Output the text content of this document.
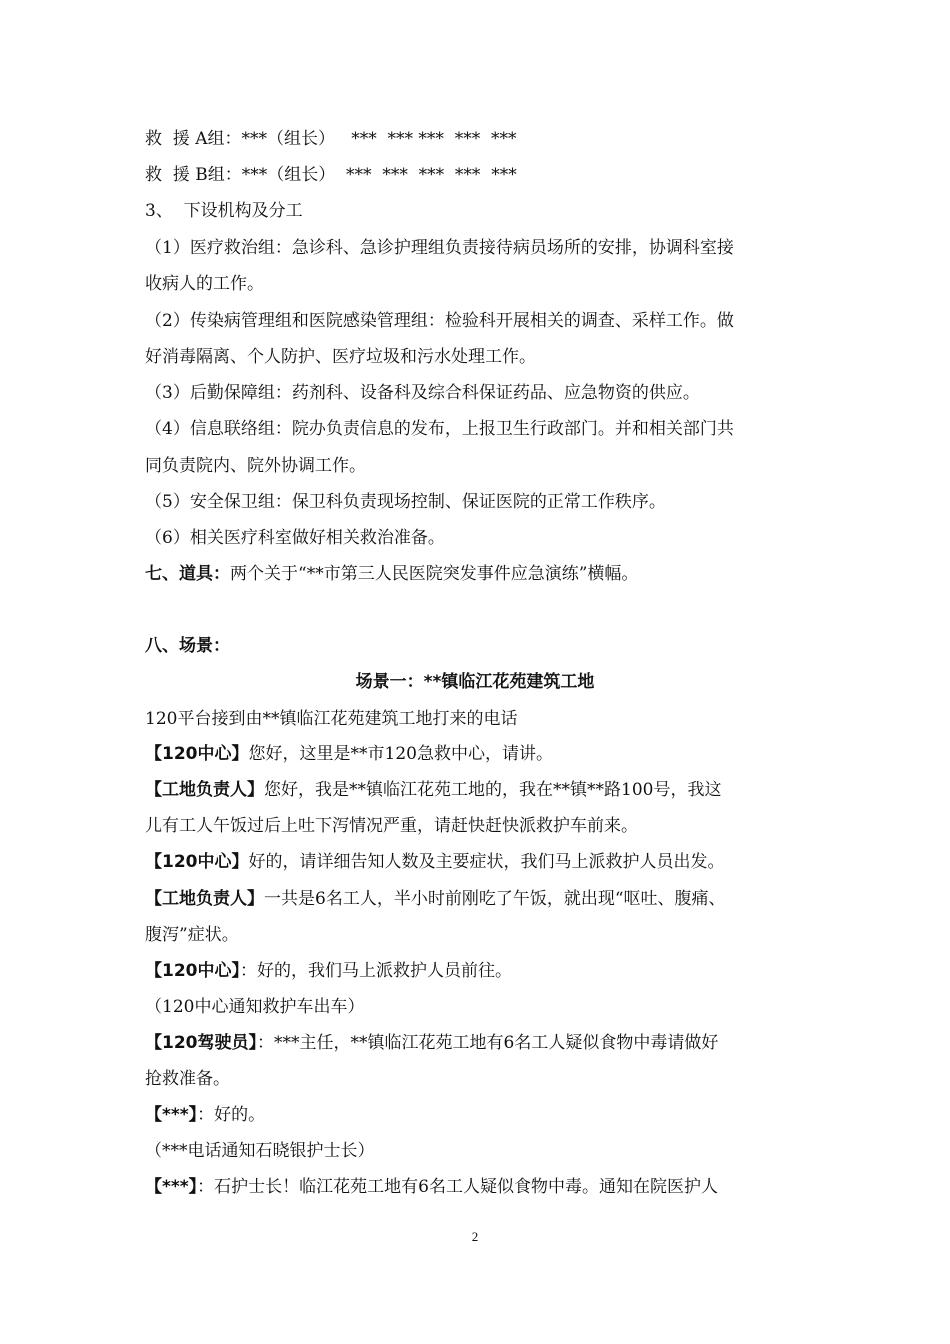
救  援 A组：***（组长）   ***  *** ***  ***  ***
救  援 B组：***（组长）  ***  ***  ***  ***  ***
3、  下设机构及分工
（1）医疗救治组：急诊科、急诊护理组负责接待病员场所的安排，协调科室接
收病人的工作。
（2）传染病管理组和医院感染管理组：检验科开展相关的调查、采样工作。做
好消毒隔离、个人防护、医疗垃圾和污水处理工作。
（3）后勤保障组：药剂科、设备科及综合科保证药品、应急物资的供应。
（4）信息联络组：院办负责信息的发布，上报卫生行政部门。并和相关部门共
同负责院内、院外协调工作。
（5）安全保卫组：保卫科负责现场控制、保证医院的正常工作秩序。
（6）相关医疗科室做好相关救治准备。
七、道具：两个关于“**市第三人民医院突发事件应急演练”横幅。
八、场景：
场景一：**镇临江花苑建筑工地
120平台接到由**镇临江花苑建筑工地打来的电话
【120中心】您好，这里是**市120急救中心，请讲。
【工地负责人】您好，我是**镇临江花苑工地的，我在**镇**路100号，我这
儿有工人午饭过后上吐下泻情况严重，请赶快赶快派救护车前来。
【120中心】好的，请详细告知人数及主要症状，我们马上派救护人员出发。
【工地负责人】一共是6名工人，半小时前刚吃了午饭，就出现“呕吐、腹痛、
腹泻”症状。
【120中心】：好的，我们马上派救护人员前往。
（120中心通知救护车出车）
【120驾驶员】：***主任，**镇临江花苑工地有6名工人疑似食物中毒请做好
抢救准备。
【***】：好的。
（***电话通知石晓银护士长）
【***】：石护士长！临江花苑工地有6名工人疑似食物中毒。通知在院医护人
2
